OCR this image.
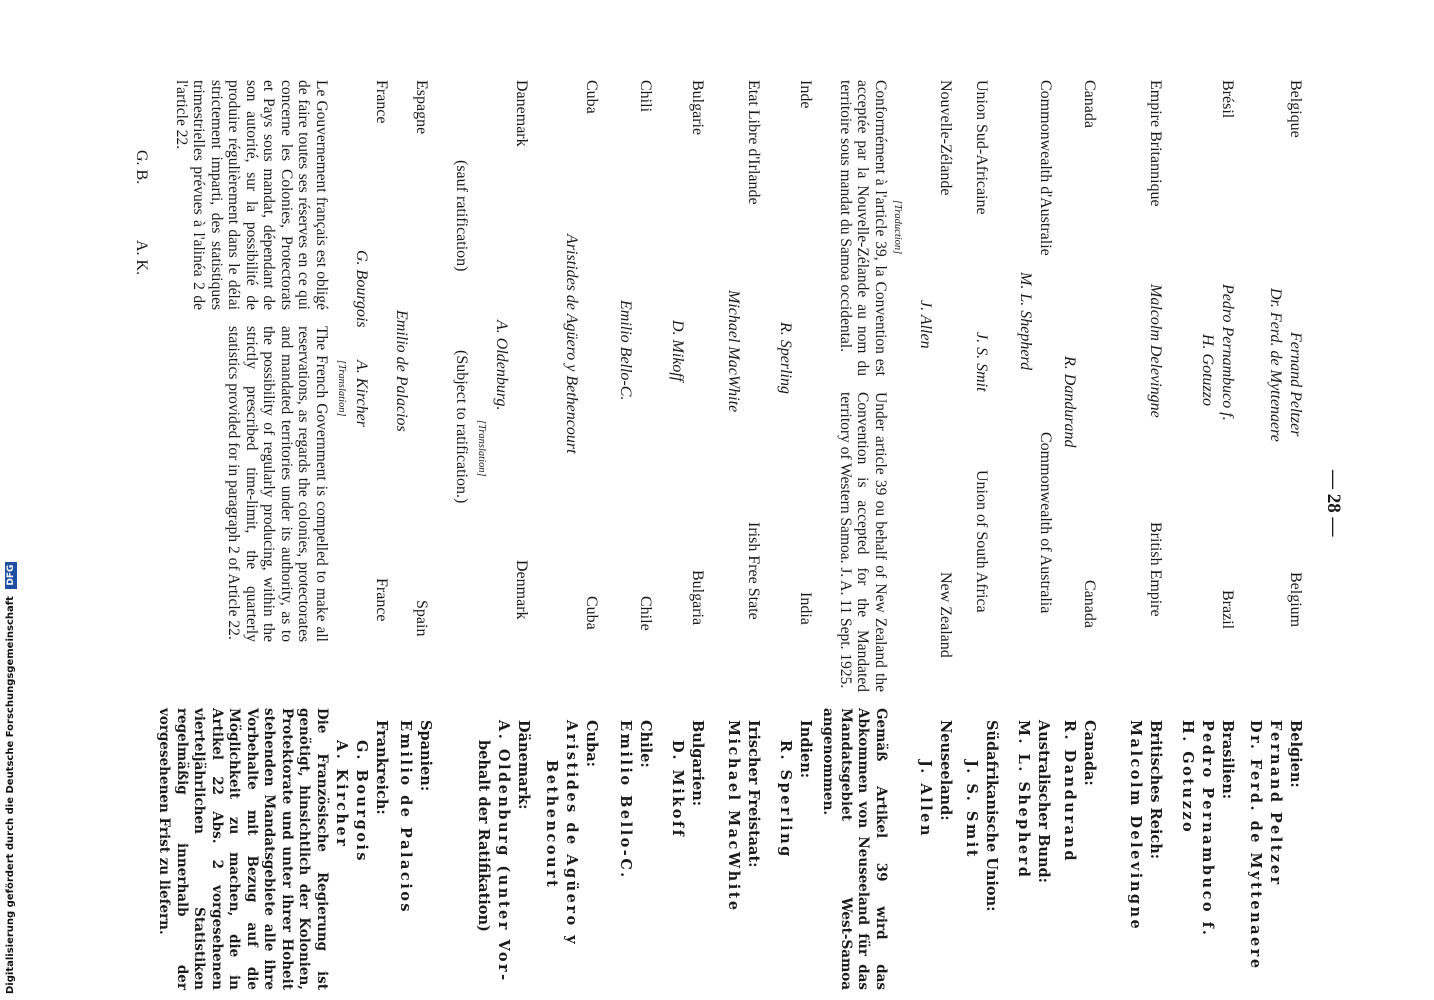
— 28 —
Belgique
Fernand Peltzer
Dr. Ferd. de Myttenaere
Belgium
Brésil
Pedro Pernambuco f.
H. Gotuzzo
Brazil
Empire Britannique
Malcolm Delevingne
British Empire
Canada
R. Dandurand
Canada
Commonwealth d'Australie
M. L. Shepherd
Commonwealth of Australia
Union Sud-Africaine
J. S. Smit
Union of South Africa
Nouvelle-Zélande
J. Allen
New Zealand
[Traduction]
Conformément à l'article 39, la Convention est acceptée par la Nouvelle-Zélande au nom du territoire sous mandat du Samoa occidental.
Under article 39 ou behalf of New Zealand the Convention is accepted for the Mandated territory of Western Samoa. J. A. 11 Sept. 1925.
Inde
R. Sperling
India
Etat Libre d'Irlande
Michael MacWhite
Irish Free State
Bulgarie
D. Mikoff
Bulgaria
Chili
Emilio Bello-C.
Chile
Cuba
Aristides de Agüero y Bethencourt
Cuba
Danemark
A. Oldenburg.
Denmark
[Translation]
(sauf ratification)
(Subject to ratification.)
Espagne
Emilio de Palacios
Spain
France
G. Bourgois
A. Kircher
France
[Translation]
Le Gouvernement français est obligé de faire toutes ses réserves en ce qui concerne les Colonies, Protectorats et Pays sous mandat, dépendant de son autorité, sur la possibilité de produire régulièrement dans le délai strictement imparti, des statistiques trimestrielles prévues à l'alinéa 2 de l'article 22.
G. B.
A. K.
The French Government is compelled to make all reservations, as regards the colonies, protectorates and mandated territories under its authority, as to the possibility of regularly producing, within the strictly prescribed time-limit, the quarterly statistics provided for in paragraph 2 of Article 22.
Belgien:
Fernand Peltzer
Dr. Ferd. de Myttenaere
Brasilien:
Pedro Pernambuco f.
H. Gotuzzo
Britisches Reich:
Malcolm Delevingne
Canada:
R. Dandurand
Australischer Bund:
M. L. Shepherd
Südafrikanische Union:
J. S. Smit
Neuseeland:
J. Allen
Gemäß Artikel 39 wird das Abkommen von Neuseeland für das Mandatsgebiet West-Samoa angenommen.
Indien:
R. Sperling
Irischer Freistaat:
Michael MacWhite
Bulgarien:
D. Mikoff
Chile:
Emilio Bello-C.
Cuba:
Aristides de Agüero y
Bethencourt
Dänemark:
A. Oldenburg (unter Vor-
behalt der Ratifikation)
Spanien:
Emilio de Palacios
Frankreich:
G. Bourgois
A. Kircher
Die Französische Regierung ist genötigt, hinsichtlich der Kolonien, Protektorate und unter ihrer Hoheit stehenden Mandatsgebiete alle ihre Vorbehalte mit Bezug auf die Möglichkeit zu machen, die in Artikel 22 Abs. 2 vorgesehenen vierteljährlichen Statistiken regelmäßig innerhalb der vorgesehenen Frist zu liefern.
Digitalisierung gefördert durch die Deutsche Forschungsgemeinschaft DFG
